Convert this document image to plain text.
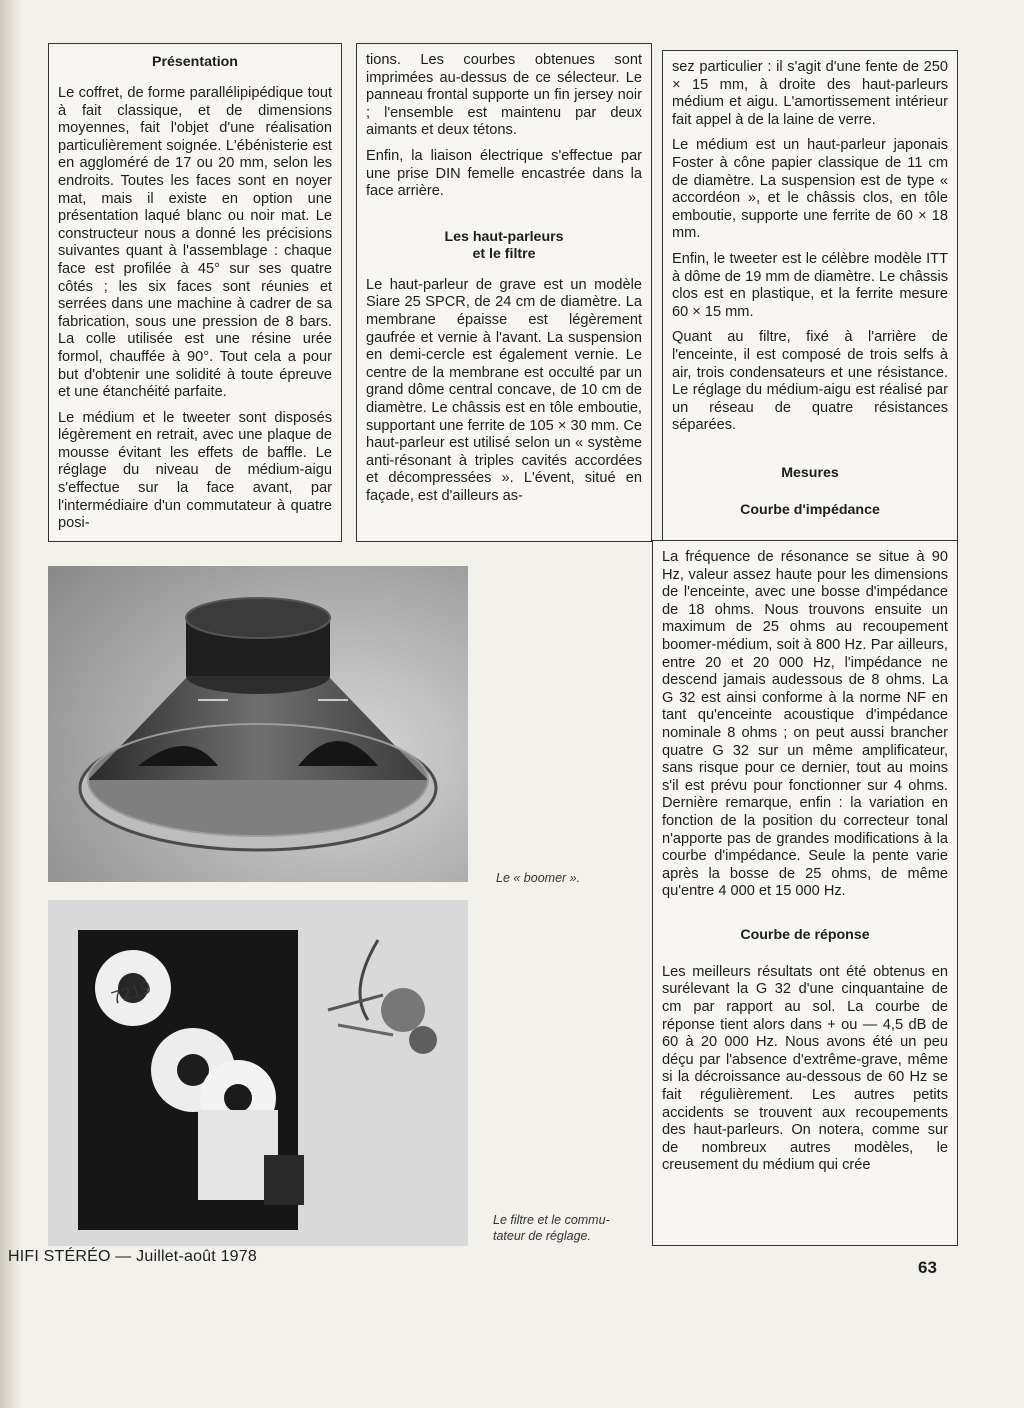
Présentation

Le coffret, de forme parallélipipédique tout à fait classique, et de dimensions moyennes, fait l'objet d'une réalisation particulièrement soignée. L'ébénisterie est en aggloméré de 17 ou 20 mm, selon les endroits. Toutes les faces sont en noyer mat, mais il existe en option une présentation laqué blanc ou noir mat. Le constructeur nous a donné les précisions suivantes quant à l'assemblage : chaque face est profilée à 45° sur ses quatre côtés ; les six faces sont réunies et serrées dans une machine à cadrer de sa fabrication, sous une pression de 8 bars. La colle utilisée est une résine urée formol, chauffée à 90°. Tout cela a pour but d'obtenir une solidité à toute épreuve et une étanchéité parfaite.

Le médium et le tweeter sont disposés légèrement en retrait, avec une plaque de mousse évitant les effets de baffle. Le réglage du niveau de médium-aigu s'effectue sur la face avant, par l'intermédiaire d'un commutateur à quatre posi-

tions. Les courbes obtenues sont imprimées au-dessus de ce sélecteur. Le panneau frontal supporte un fin jersey noir ; l'ensemble est maintenu par deux aimants et deux tétons.

Enfin, la liaison électrique s'effectue par une prise DIN femelle encastrée dans la face arrière.

Les haut-parleurs
et le filtre

Le haut-parleur de grave est un modèle Siare 25 SPCR, de 24 cm de diamètre. La membrane épaisse est légèrement gaufrée et vernie à l'avant. La suspension en demi-cercle est également vernie. Le centre de la membrane est occulté par un grand dôme central concave, de 10 cm de diamètre. Le châssis est en tôle emboutie, supportant une ferrite de 105 × 30 mm. Ce haut-parleur est utilisé selon un « système anti-résonant à triples cavités accordées et décompressées ». L'évent, situé en façade, est d'ailleurs as-

sez particulier : il s'agit d'une fente de 250 × 15 mm, à droite des haut-parleurs médium et aigu. L'amortissement intérieur fait appel à de la laine de verre.

Le médium est un haut-parleur japonais Foster à cône papier classique de 11 cm de diamètre. La suspension est de type « accordéon », et le châssis clos, en tôle emboutie, supporte une ferrite de 60 × 18 mm.

Enfin, le tweeter est le célèbre modèle ITT à dôme de 19 mm de diamètre. Le châssis clos est en plastique, et la ferrite mesure 60 × 15 mm.

Quant au filtre, fixé à l'arrière de l'enceinte, il est composé de trois selfs à air, trois condensateurs et une résistance. Le réglage du médium-aigu est réalisé par un réseau de quatre résistances séparées.

Mesures
Courbe d'impédance

La fréquence de résonance se situe à 90 Hz, valeur assez haute pour les dimensions de l'enceinte, avec une bosse d'impédance de 18 ohms. Nous trouvons ensuite un maximum de 25 ohms au recoupement boomer-médium, soit à 800 Hz. Par ailleurs, entre 20 et 20 000 Hz, l'impédance ne descend jamais audessous de 8 ohms. La G 32 est ainsi conforme à la norme NF en tant qu'enceinte acoustique d'impédance nominale 8 ohms ; on peut aussi brancher quatre G 32 sur un même amplificateur, sans risque pour ce dernier, tout au moins s'il est prévu pour fonctionner sur 4 ohms. Dernière remarque, enfin : la variation en fonction de la position du correcteur tonal n'apporte pas de grandes modifications à la courbe d'impédance. Seule la pente varie après la bosse de 25 ohms, de même qu'entre 4 000 et 15 000 Hz.

Courbe de réponse

Les meilleurs résultats ont été obtenus en surélevant la G 32 d'une cinquantaine de cm par rapport au sol. La courbe de réponse tient alors dans + ou — 4,5 dB de 60 à 20 000 Hz. Nous avons été un peu déçu par l'absence d'extrême-grave, même si la décroissance au-dessous de 60 Hz se fait régulièrement. Les autres petits accidents se trouvent aux recoupements des haut-parleurs. On notera, comme sur de nombreux autres modèles, le creusement du médium qui crée

Le « boomer ».
7219
Le filtre et le commu-
tateur de réglage.
HIFI STÉRÉO — Juillet-août 1978
63
